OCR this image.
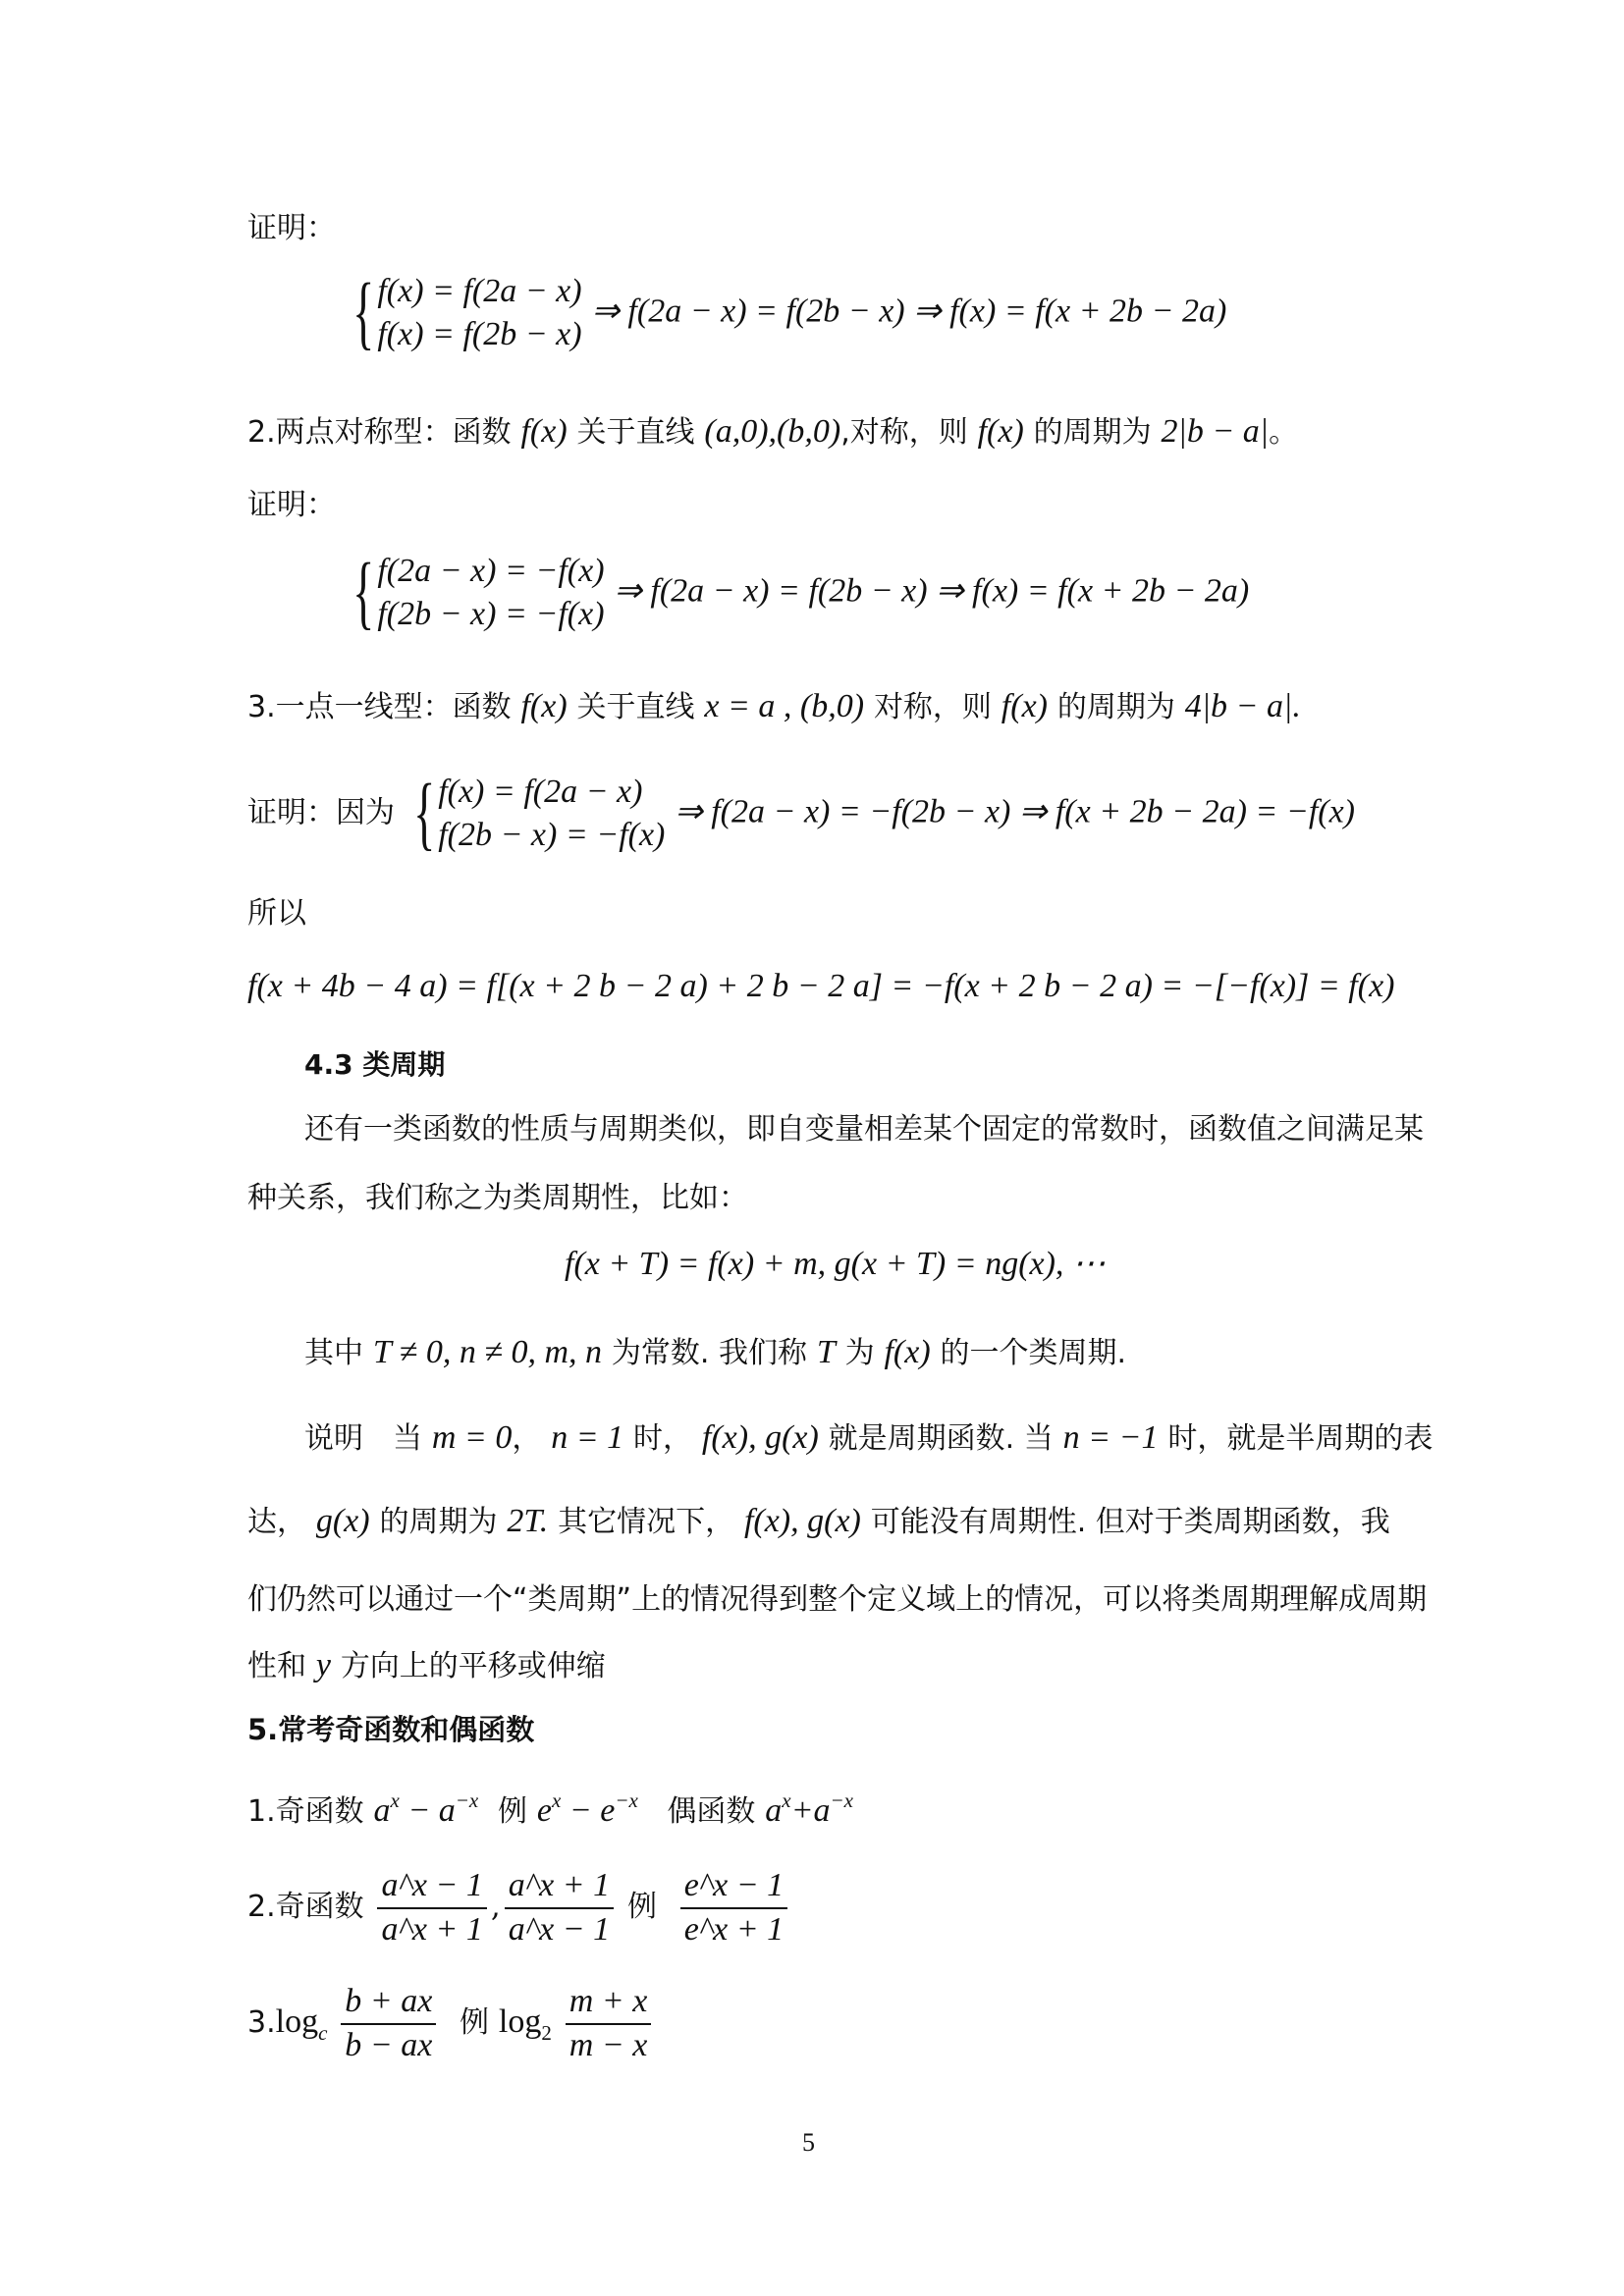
证明：
{ f(x) = f(2a − x)
f(x) = f(2b − x)
⇒ f(2a − x) = f(2b − x) ⇒ f(x) = f(x + 2b − 2a)
2.两点对称型：函数 f(x) 关于直线 (a,0),(b,0),对称，则 f(x) 的周期为 2|b − a|。
证明：
{ f(2a − x) = −f(x)
f(2b − x) = −f(x)
⇒ f(2a − x) = f(2b − x) ⇒ f(x) = f(x + 2b − 2a)
3.一点一线型：函数 f(x) 关于直线 x = a , (b,0) 对称，则 f(x) 的周期为 4|b − a|.
证明：因为 { f(x) = f(2a − x)
f(2b − x) = −f(x)
⇒ f(2a − x) = −f(2b − x) ⇒ f(x + 2b − 2a) = −f(x)
所以
f(x + 4b − 4 a) = f[(x + 2 b − 2 a) + 2 b − 2 a] = −f(x + 2 b − 2 a) = −[−f(x)] = f(x)
4.3 类周期
还有一类函数的性质与周期类似，即自变量相差某个固定的常数时，函数值之间满足某
种关系，我们称之为类周期性，比如：
f(x + T) = f(x) + m, g(x + T) = ng(x), ⋯
其中 T ≠ 0, n ≠ 0, m, n 为常数. 我们称 T 为 f(x) 的一个类周期.
说明　当 m = 0， n = 1 时， f(x), g(x) 就是周期函数. 当 n = −1 时，就是半周期的表
达， g(x) 的周期为 2T. 其它情况下， f(x), g(x) 可能没有周期性. 但对于类周期函数，我
们仍然可以通过一个“类周期”上的情况得到整个定义域上的情况，可以将类周期理解成周期
性和 y 方向上的平移或伸缩
5.常考奇函数和偶函数
1.奇函数 $a^x - a^{-x}$ 例 $e^x - e^{-x}$ 偶函数 $a^x+a^{-x}$
2.奇函数 $\frac{a\^{}x - 1}{a\^{}x + 1}$ , $\frac{a\^{}x + 1}{a\^{}x - 1}$ 例 $\frac{e\^{}x - 1}{e\^{}x + 1}$
$3.\log_c \frac{b + ax}{b - ax}$ 例 $\log_2 \frac{m + x}{m - x}$
5
